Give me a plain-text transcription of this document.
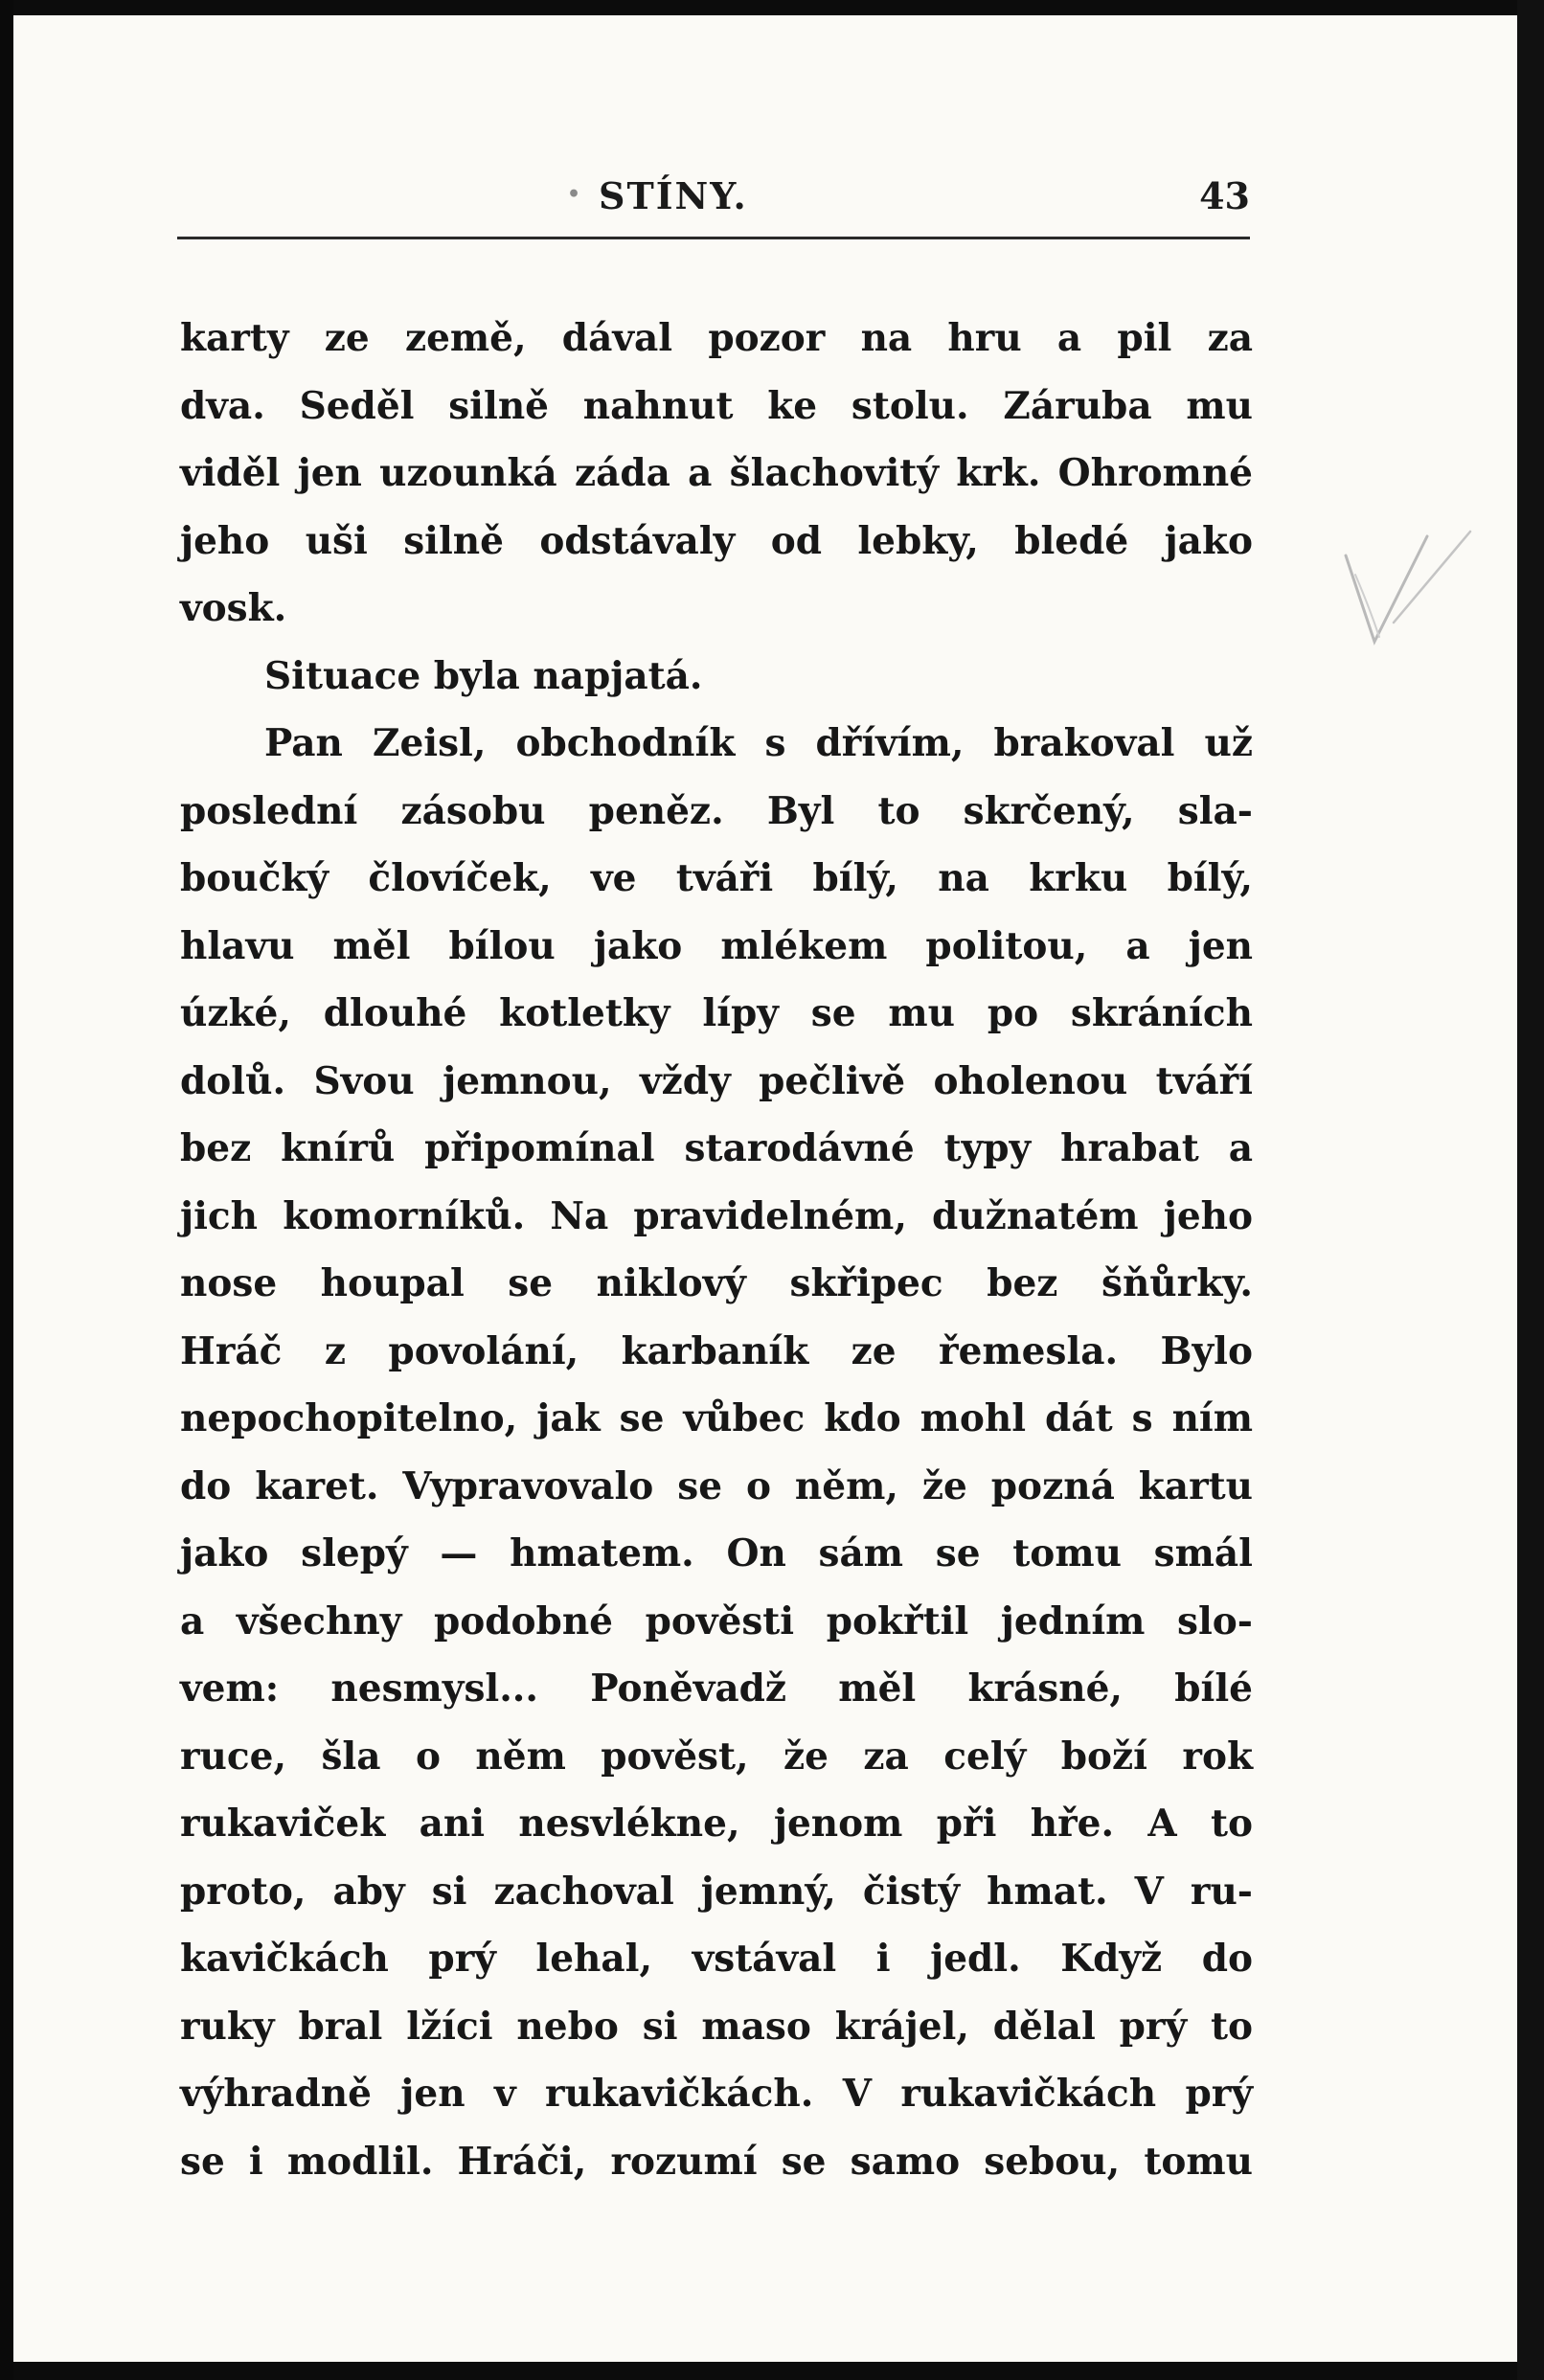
• STÍNY.	43
karty ze země, dával pozor na hru a pil za
dva. Seděl silně nahnut ke stolu. Záruba mu
viděl jen uzounká záda a šlachovitý krk. Ohromné
jeho uši silně odstávaly od lebky, bledé jako
vosk.
Situace byla napjatá.
Pan Zeisl, obchodník s dřívím, brakoval už
poslední zásobu peněz. Byl to skrčený, sla-
boučký človíček, ve tváři bílý, na krku bílý,
hlavu měl bílou jako mlékem politou, a jen
úzké, dlouhé kotletky lípy se mu po skráních
dolů. Svou jemnou, vždy pečlivě oholenou tváří
bez knírů připomínal starodávné typy hrabat a
jich komorníků. Na pravidelném, dužnatém jeho
nose houpal se niklový skřipec bez šňůrky.
Hráč z povolání, karbaník ze řemesla. Bylo
nepochopitelno, jak se vůbec kdo mohl dát s ním
do karet. Vypravovalo se o něm, že pozná kartu
jako slepý — hmatem. On sám se tomu smál
a všechny podobné pověsti pokřtil jedním slo-
vem: nesmysl... Poněvadž měl krásné, bílé
ruce, šla o něm pověst, že za celý boží rok
rukaviček ani nesvlékne, jenom při hře. A to
proto, aby si zachoval jemný, čistý hmat. V ru-
kavičkách prý lehal, vstával i jedl. Když do
ruky bral lžíci nebo si maso krájel, dělal prý to
výhradně jen v rukavičkách. V rukavičkách prý
se i modlil. Hráči, rozumí se samo sebou, tomu
